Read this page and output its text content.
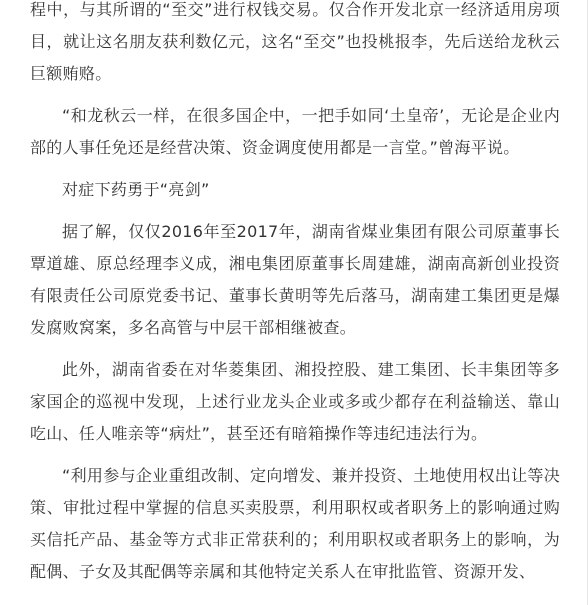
程中，与其所谓的“至交”进行权钱交易。仅合作开发北京一经济适用房项目，就让这名朋友获利数亿元，这名“至交”也投桃报李，先后送给龙秋云巨额贿赂。

“和龙秋云一样，在很多国企中，一把手如同‘土皇帝’，无论是企业内部的人事任免还是经营决策、资金调度使用都是一言堂。”曾海平说。

对症下药勇于“亮剑”

据了解，仅仅2016年至2017年，湖南省煤业集团有限公司原董事长覃道雄、原总经理李义成，湘电集团原董事长周建雄，湖南高新创业投资有限责任公司原党委书记、董事长黄明等先后落马，湖南建工集团更是爆发腐败窝案，多名高管与中层干部相继被查。

此外，湖南省委在对华菱集团、湘投控股、建工集团、长丰集团等多家国企的巡视中发现，上述行业龙头企业或多或少都存在利益输送、靠山吃山、任人唯亲等“病灶”，甚至还有暗箱操作等违纪违法行为。

“利用参与企业重组改制、定向增发、兼并投资、土地使用权出让等决策、审批过程中掌握的信息买卖股票，利用职权或者职务上的影响通过购买信托产品、基金等方式非正常获利的；利用职权或者职务上的影响，为配偶、子女及其配偶等亲属和其他特定关系人在审批监管、资源开发、
